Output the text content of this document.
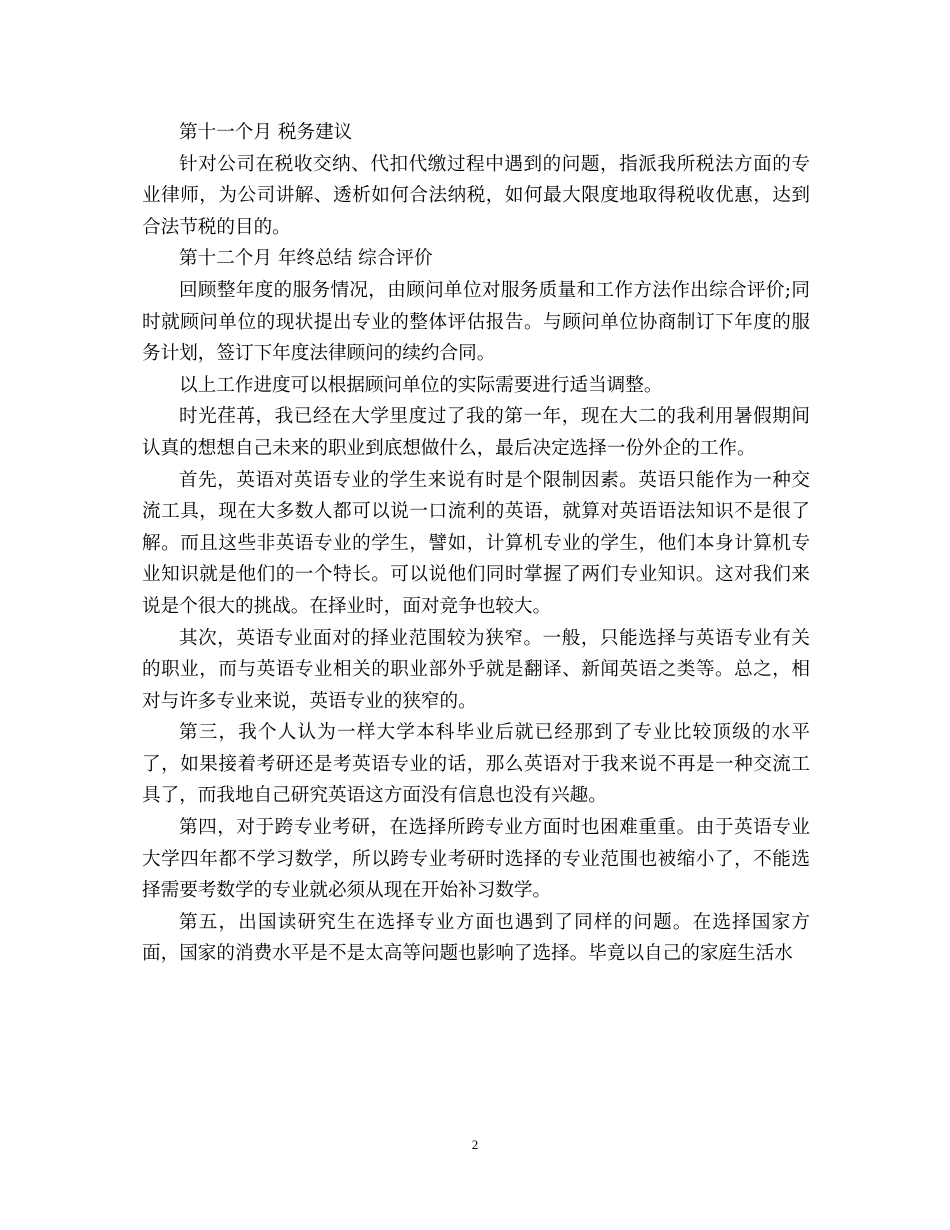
第十一个月 税务建议

针对公司在税收交纳、代扣代缴过程中遇到的问题，指派我所税法方面的专业律师，为公司讲解、透析如何合法纳税，如何最大限度地取得税收优惠，达到合法节税的目的。

第十二个月 年终总结 综合评价

回顾整年度的服务情况，由顾问单位对服务质量和工作方法作出综合评价;同时就顾问单位的现状提出专业的整体评估报告。与顾问单位协商制订下年度的服务计划，签订下年度法律顾问的续约合同。

以上工作进度可以根据顾问单位的实际需要进行适当调整。

时光荏苒，我已经在大学里度过了我的第一年，现在大二的我利用暑假期间认真的想想自己未来的职业到底想做什么，最后决定选择一份外企的工作。

首先，英语对英语专业的学生来说有时是个限制因素。英语只能作为一种交流工具，现在大多数人都可以说一口流利的英语，就算对英语语法知识不是很了解。而且这些非英语专业的学生，譬如，计算机专业的学生，他们本身计算机专业知识就是他们的一个特长。可以说他们同时掌握了两们专业知识。这对我们来说是个很大的挑战。在择业时，面对竞争也较大。

其次，英语专业面对的择业范围较为狭窄。一般，只能选择与英语专业有关的职业，而与英语专业相关的职业部外乎就是翻译、新闻英语之类等。总之，相对与许多专业来说，英语专业的狭窄的。

第三，我个人认为一样大学本科毕业后就已经那到了专业比较顶级的水平了，如果接着考研还是考英语专业的话，那么英语对于我来说不再是一种交流工具了，而我地自己研究英语这方面没有信息也没有兴趣。

第四，对于跨专业考研，在选择所跨专业方面时也困难重重。由于英语专业大学四年都不学习数学，所以跨专业考研时选择的专业范围也被缩小了，不能选择需要考数学的专业就必须从现在开始补习数学。

第五，出国读研究生在选择专业方面也遇到了同样的问题。在选择国家方面，国家的消费水平是不是太高等问题也影响了选择。毕竟以自己的家庭生活水

2
